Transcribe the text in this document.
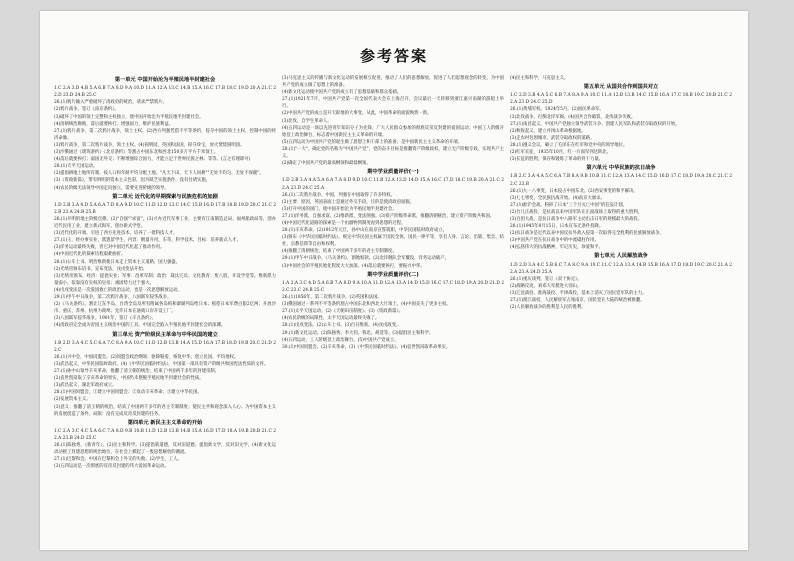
参考答案
第一单元 中国开始沦为半殖民地半封建社会

1.C 2.A 3.D 4.B 5.A 6.B 7.A 8.D 9.A 10.D 11.A 12.A 13.C 14.B 15.A 16.C 17.B 18.C 19.D 20.A 21.C 22.D 23.D 24.B 25.C

26.(1)鸦片输入严重破坏了清政府的统治，请求严禁鸦片。

(2)鸦片战争，签订《南京条约》。

(3)破坏了中国的领土完整和主权独立，使中国开始沦为半殖民地半封建社会。

(4)清朝统治腐败，落后就要挨打；增强国力，维护民族利益。

27.(1)鸦片战争，第二次鸦片战争，领土主权。(2)西方列强凭借不平等条约，侵夺中国的领土主权，控制中国的经济命脉。

(3)鸦片战争，第二次鸦片战争，领土主权。(4)圆明园，英国和法国，掠夺珍宝，放火焚烧圆明园。

(3)沙俄通过《瑷珲条约》《北京条约》等割占中国东北和西北150多万平方千米领土。

(4)落后就要挨打；弱国无外交；不断增强综合国力，才能立足于世界民族之林；等等。(言之有理即可)

28.(1)天平天国运动。

(2)提倡耕地土地所有制，按人口和年龄平均分配土地。"凡天下田，天下人同耕""无处不均匀，无处不保暖"。

(3)《资政新篇》，带有鲜明的资本主义色彩，因为缺乏实施条件，没有付诸实施。

(4)农民阶级无法领导中国走向独立，需要先进阶级的领导。

第二单元 近代化的早期探索与民族危机的加剧

1.D 2.B 3.A 4.D 5.A 6.A 7.D 8.A 9.D 10.C 11.D 12.D 13.C 14.C 15.B 16.D 17.B 18.B 19.D 20.C 21.C 22.B 23.A 24.B 25.B

26.(1)开明的地主阶级官僚。(2)"自强""求富"。(3)兴办近代军事工业，主要有江南制造总局、福州船政局等，创办近代民用工业，建立新式海军，创办新式学堂。

(3)近代化的开端，引进了西方先进技术，培养了一批科技人才。

27.(1)王，经办事实业，派遣留学生，内容：倒量升用，车草，科学技术，目标：培养新式人才。

(3)洋务运动最终失败，但它对中国近代化起了推动作用。

(4)中国近代化的探索历程艰难曲折。

28.(1)公车上书。明治维新使日本走上资本主义道路，国力强盛。

(2)光绪帝颁布诏书，宣布变法，戊戌变法开始。

(3)光绪帝颁布，经济：提倡实业；军事：改革军制；政治：裁汰冗员；文化教育：废八股，开设学堂等。维新派力量弱小，依靠没有实权的皇帝；顽固势力过于强大。

(4)戊戌变法是一次爱国救亡的政治运动，也是一次思想解放运动。

29.(1)甲午中日战争，第二次鸦片战争，八国联军侵华战争。

(2)《马关条约》。割让辽东半岛、台湾全岛及所有附属各岛屿和澎湖列岛给日本；赔偿日本军费白银2亿两；开放沙市、重庆、苏州、杭州为商埠；允许日本在通商口岸开设工厂。

(3)八国联军侵华战争。1901年，签订《辛丑条约》。

(4)清政府完全成为帝国主义统治中国的工具，中国完全陷入半殖民地半封建社会的深渊。

第三单元 资产阶级民主革命与中华民国的建立

1.B 2.D 3.A 4.C 5.C 6.A 7.C 8.A 9.A 10.C 11.D 12.B 13.B 14.A 15.D 16.A 17.B 18.D 19.B 20.C 21.D 22.C

26.(1)兴中会，中国同盟会。(2)同盟会政治纲领：驱除鞑虏，恢复中华，创立民国，平均地权。

(3)武昌起义，中华民国临时政府。(4)《中华民国临时约法》，中国第一部具有资产阶级共和国宪法性质的文件。

27.(1)孙中山领导辛亥革命，推翻了清王朝的统治，结束了中国两千多年的封建帝制。

(2)袁世凯窃取了辛亥革命的果实，中国仍未摆脱半殖民地半封建社会的性质。

(3)武昌起义，湖北军政府成立。

28.(1)中国同盟会，①建立中国同盟会；②发动辛亥革命；③建立中华民国。

(2)发展资本主义。

(3)意义：推翻了清王朝的统治，结束了中国两千多年的君主专制制度；使民主共和观念深入人心；为中国资本主义的发展创造了条件。局限：没有完成反帝反封建的任务。

第四单元 新民主主义革命的开始

1.C 2.A 3.C 4.C 5.A 6.C 7.A 8.D 9.B 10.B 11.D 12.B 13.B 14.B 15.A 16.D 17.D 18.A 19.B 20.B 21.C 22.A 23.B 24.D 25.C

26.(1)陈独秀，《新青年》。(2)民主和科学。(3)提倡新道德，反对旧道德；提倡新文学，反对旧文学。(4)新文化运动动摇了封建思想的统治地位，在社会上掀起了一股思想解放的潮流。

27.(1)巴黎和会。中国在巴黎和会上外交的失败。(2)学生、工人。

(3)五四运动是一次彻底的反帝反封建的伟大爱国革命运动。

(3)马克思主义的传播与新文化运动的发展相互促进，推动了人们的思想解放，促进了人们思想观念的转变，为中国共产党的成立做了思想上的准备。

(4)新文化运动使中国共产党的成立有了思想基础和群众基础。

27.(1)1921年7月，中国共产党第一次全国代表大会在上海召开，会议最后一天转移到浙江嘉兴南湖的游船上举行。

(2)中国共产党的成立是开天辟地的大事变。从此，中国革命的面貌焕然一新。

(3)北伐，自学生革命人。

(4)五四运动是一场以先进青年知识分子为先锋，广大人民群众参加的彻底反帝反封建的爱国运动；中国工人阶级开始登上政治舞台，标志着中国新民主主义革命的开端。

(5)五四运动为中国共产党的诞生做了思想上和干部上的准备，是中国新民主主义革命的开端。

28.(1)"一大"，确定党的名称为"中国共产党"，党的奋斗目标是推翻资产阶级政权，建立无产阶级专政，实现共产主义。

(2)确定了中国共产党的最高纲领和最低纲领。

期中学业质量评价(一)

1.D 2.B 3.A 4.A 5.A 6.A 7.A 8.D 9.D 10.C 11.B 12.A 13.D 14.D 15.A 16.C 17.D 18.C 19.B 20.A 21.C 22.A 23.D 24.C 25.A

26.(1)二次鸦片战争，中国，列强在中国取得了许多特权。

(2)主要：原因，英国表面上是通过外交手段，目的是使清政府屈服。

(3)打开中国的国门，使中国开始沦为半殖民地半封建社会。

27.(1)洋务派，自强求富。(2)维新派，变法图强。(3)资产阶级革命派，推翻清朝统治，建立资产阶级共和国。

(4)中国近代化道路的探索是一个由器物到制度再到思想的过程。

28.(1)辛亥革命。(2)1912年元旦，孙中山在南京宣誓就职，中华民国临时政府成立。

(3)颁布《中华民国临时约法》，规定中华民国主权属于国民全体，国民一律平等，享有人身、言论、出版、集会、结社、宗教信仰等自由和权利。

(4)推翻了清朝统治，结束了中国两千多年的君主专制制度。

29.(1)甲午中日战争，《马关条约》，割地赔款。(2)北洋舰队全军覆没，洋务运动破产。

(3)中国社会的半殖民地化程度大大加深。(4)落后就要挨打，要振兴中华。

期中学业质量评价(二)

1.A 2.A 3.C 4.D 5.A 6.B 7.A 8.D 9.A 10.A 11.D 12.A 13.A 14.D 15.D 16.C 17.C 18.D 19.A 20.D 21.D 22.C 23.C 24.B 25.C

26.(1)1856年，第二次鸦片战争。(2)英国和法国。

(3)俄国通过一系列不平等条约割占中国东北和西北大片领土。(4)中国丧失了更多主权。

27.(1)太平天国运动。(2)《天朝田亩制度》。(3)《资政新篇》。

(4)农民阶级的局限性，太平天国运动最终失败了。

28.(1)戊戌变法。(2)公车上书。(3)百日维新。(4)戊戌政变。

29.(1)新文化运动。(2)陈独秀、李大钊、鲁迅、胡适等。(3)提倡民主和科学。

(4)五四运动，工人阶级登上政治舞台。(5)中国共产党成立。

30.(1)中国同盟会。(2)辛亥革命。(3)《中华民国临时约法》。(4)袁世凯窃取革命果实。

(4)民主和科学，马克思主义。

第五单元 从国共合作到国共对立

1.C 2.D 3.B 4.A 5.C 6.B 7.A 8.A 9.A 10.C 11.A 12.B 13.B 14.C 15.B 16.A 17.C 18.B 19.C 20.B 21.C 22.A 23.D 24.C 25.D

26.(1)黄埔军校。1924年5月。(2)国民革命军。

(3)北伐战争，打倒北洋军阀。(4)国共合作破裂，北伐战争失败。

27.(1)南昌起义，中国共产党独立领导武装斗争、创建人民军队和武装夺取政权的开始。

(2)秋收起义，建立井冈山革命根据地。

(3)走农村包围城市、武装夺取政权的道路。

28.(1)遵义会议。确立了毛泽东在红军和党中央的领导地位。

(2)红军长征，1935年10月，红一方面军到达陕北。

(3)长征的胜利，保存和锻炼了革命的骨干力量。

第六单元 中华民族的抗日战争

1.B 2.C 3.A 4.A 5.C 6.A 7.B 8.A 9.B 10.B 11.C 12.A 13.A 14.C 15.D 16.D 17.C 18.D 19.A 20.C 21.C 22.C 23.B

26.(1)九一八事变，日本侵占中国东北。(2)西安事变的和平解决。

(3)七七事变，全民族抗战开始。(4)南京大屠杀。

27.(1)淞沪会战，粉碎了日本"三个月灭亡中国"的狂妄计划。

(2)台儿庄战役，是抗战以来中国军队在正面战场上取得的重大胜利。

(3)百团大战，是抗日战争中八路军主动出击日军的规模最大的战役。

28.(1)1945年8月15日，日本宣布无条件投降。

(2)抗日战争是近代以来中国反抗外敌入侵第一次取得完全胜利的民族解放战争。

(3)中国共产党在抗日战争中的中流砥柱作用。

(4)弘扬伟大的抗战精神，牢记历史，珍爱和平。

第七单元 人民解放战争

1.D 2.D 3.A 4.C 5.B 6.C 7.A 8.C 9.A 10.C 11.C 12.A 13.A 14.B 15.B 16.A 17.D 18.D 19.C 20.C 21.A 22.A 23.A 24.D 25.A

26.(1)重庆谈判，签订《双十协定》。

(2)战略反攻，刘邓大军挺进大别山。

(3)辽沈战役、淮海战役、平津战役，基本上消灭了国民党军队的主力。

27.(1)渡江战役，人民解放军占领南京，国民党在大陆的统治被推翻。

(2)人民解放战争的胜利是人民的胜利。
